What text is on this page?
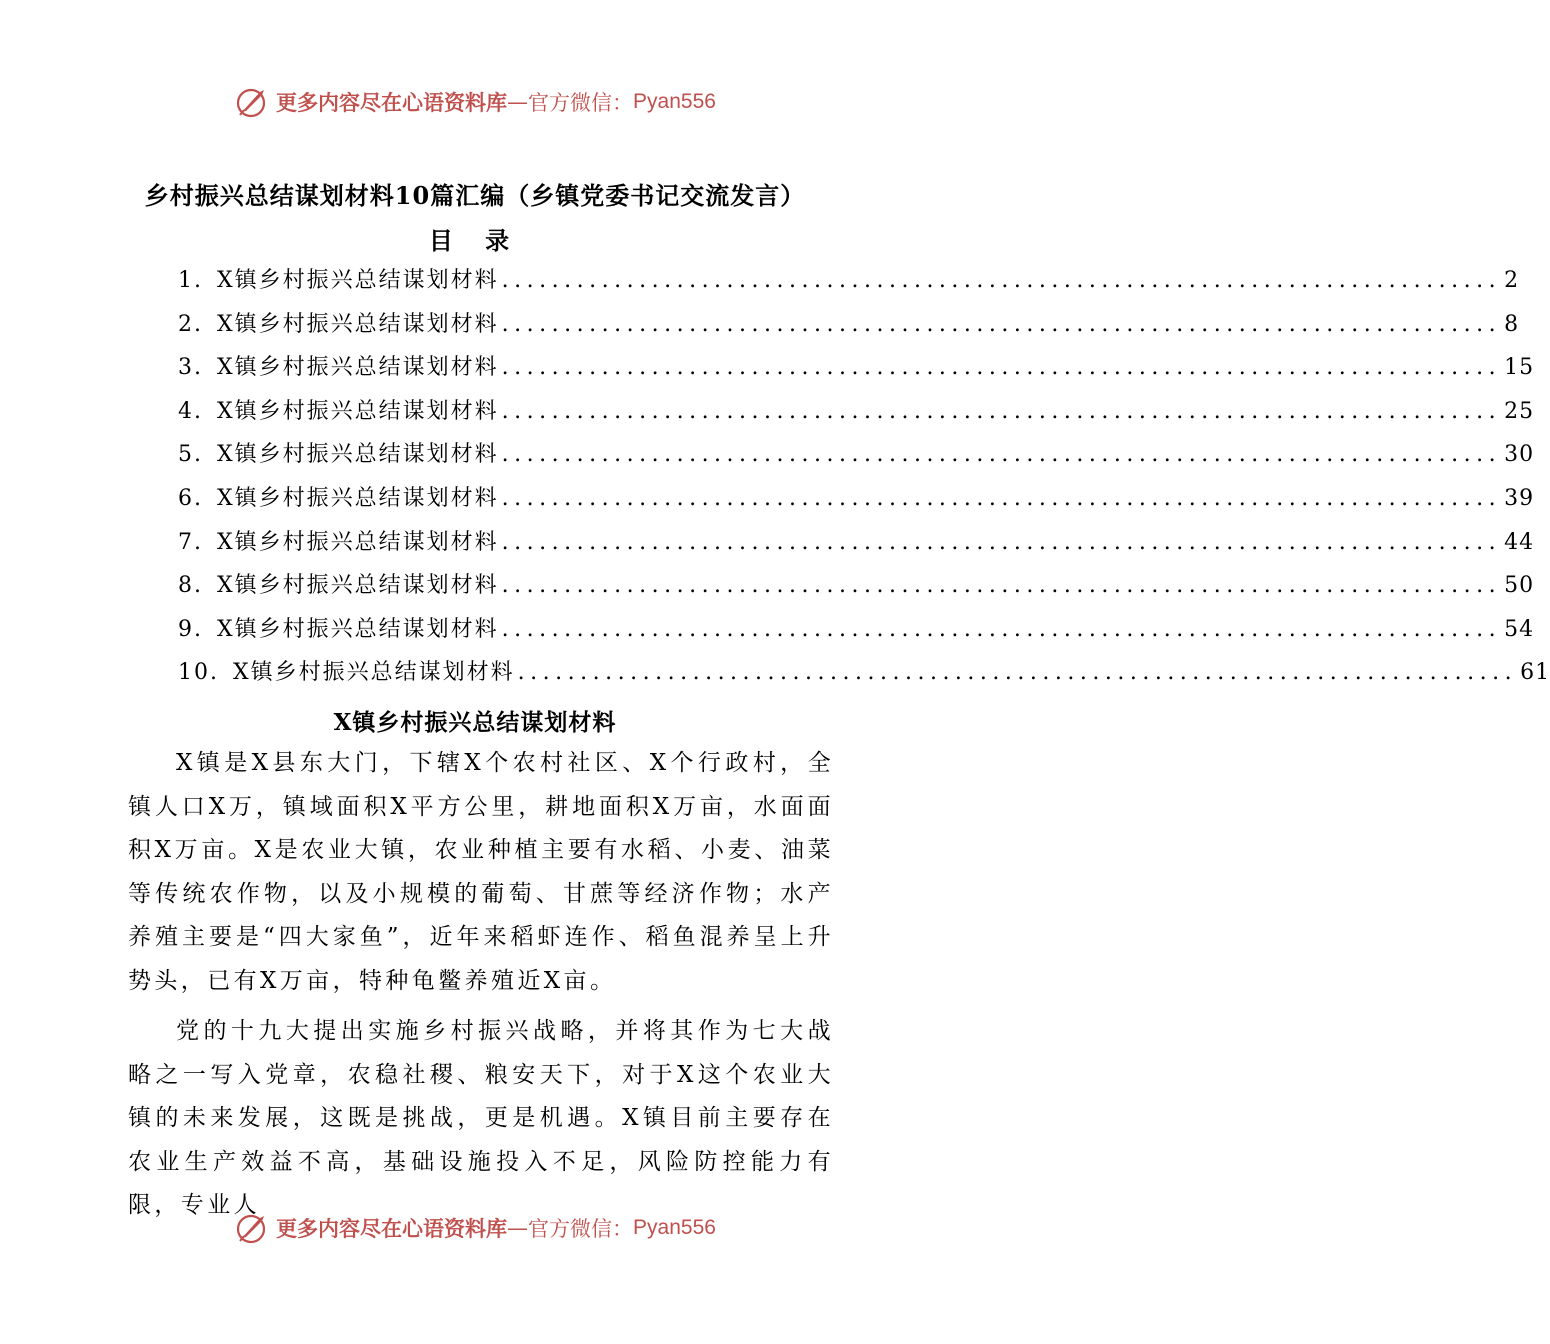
更多内容尽在心语资料库 — 官方微信： Pyan556
乡村振兴总结谋划材料10篇汇编（乡镇党委书记交流发言）
目 录
1. X镇乡村振兴总结谋划材料 ................................................................................ 2
2. X镇乡村振兴总结谋划材料 ................................................................................ 8
3. X镇乡村振兴总结谋划材料 ................................................................................ 15
4. X镇乡村振兴总结谋划材料 ................................................................................ 25
5. X镇乡村振兴总结谋划材料 ................................................................................ 30
6. X镇乡村振兴总结谋划材料 ................................................................................ 39
7. X镇乡村振兴总结谋划材料 ................................................................................ 44
8. X镇乡村振兴总结谋划材料 ................................................................................ 50
9. X镇乡村振兴总结谋划材料 ................................................................................ 54
10. X镇乡村振兴总结谋划材料 ................................................................................ 61
X镇乡村振兴总结谋划材料

X镇是X县东大门，下辖X个农村社区、X个行政村，全镇人口X万，镇域面积X平方公里，耕地面积X万亩，水面面积X万亩。X是农业大镇，农业种植主要有水稻、小麦、油菜等传统农作物，以及小规模的葡萄、甘蔗等经济作物；水产养殖主要是“四大家鱼”，近年来稻虾连作、稻鱼混养呈上升势头，已有X万亩，特种龟鳖养殖近X亩。

党的十九大提出实施乡村振兴战略，并将其作为七大战略之一写入党章，农稳社稷、粮安天下，对于X这个农业大镇的未来发展，这既是挑战，更是机遇。X镇目前主要存在农业生产效益不高，基础设施投入不足，风险防控能力有限，专业人

更多内容尽在心语资料库 — 官方微信： Pyan556
